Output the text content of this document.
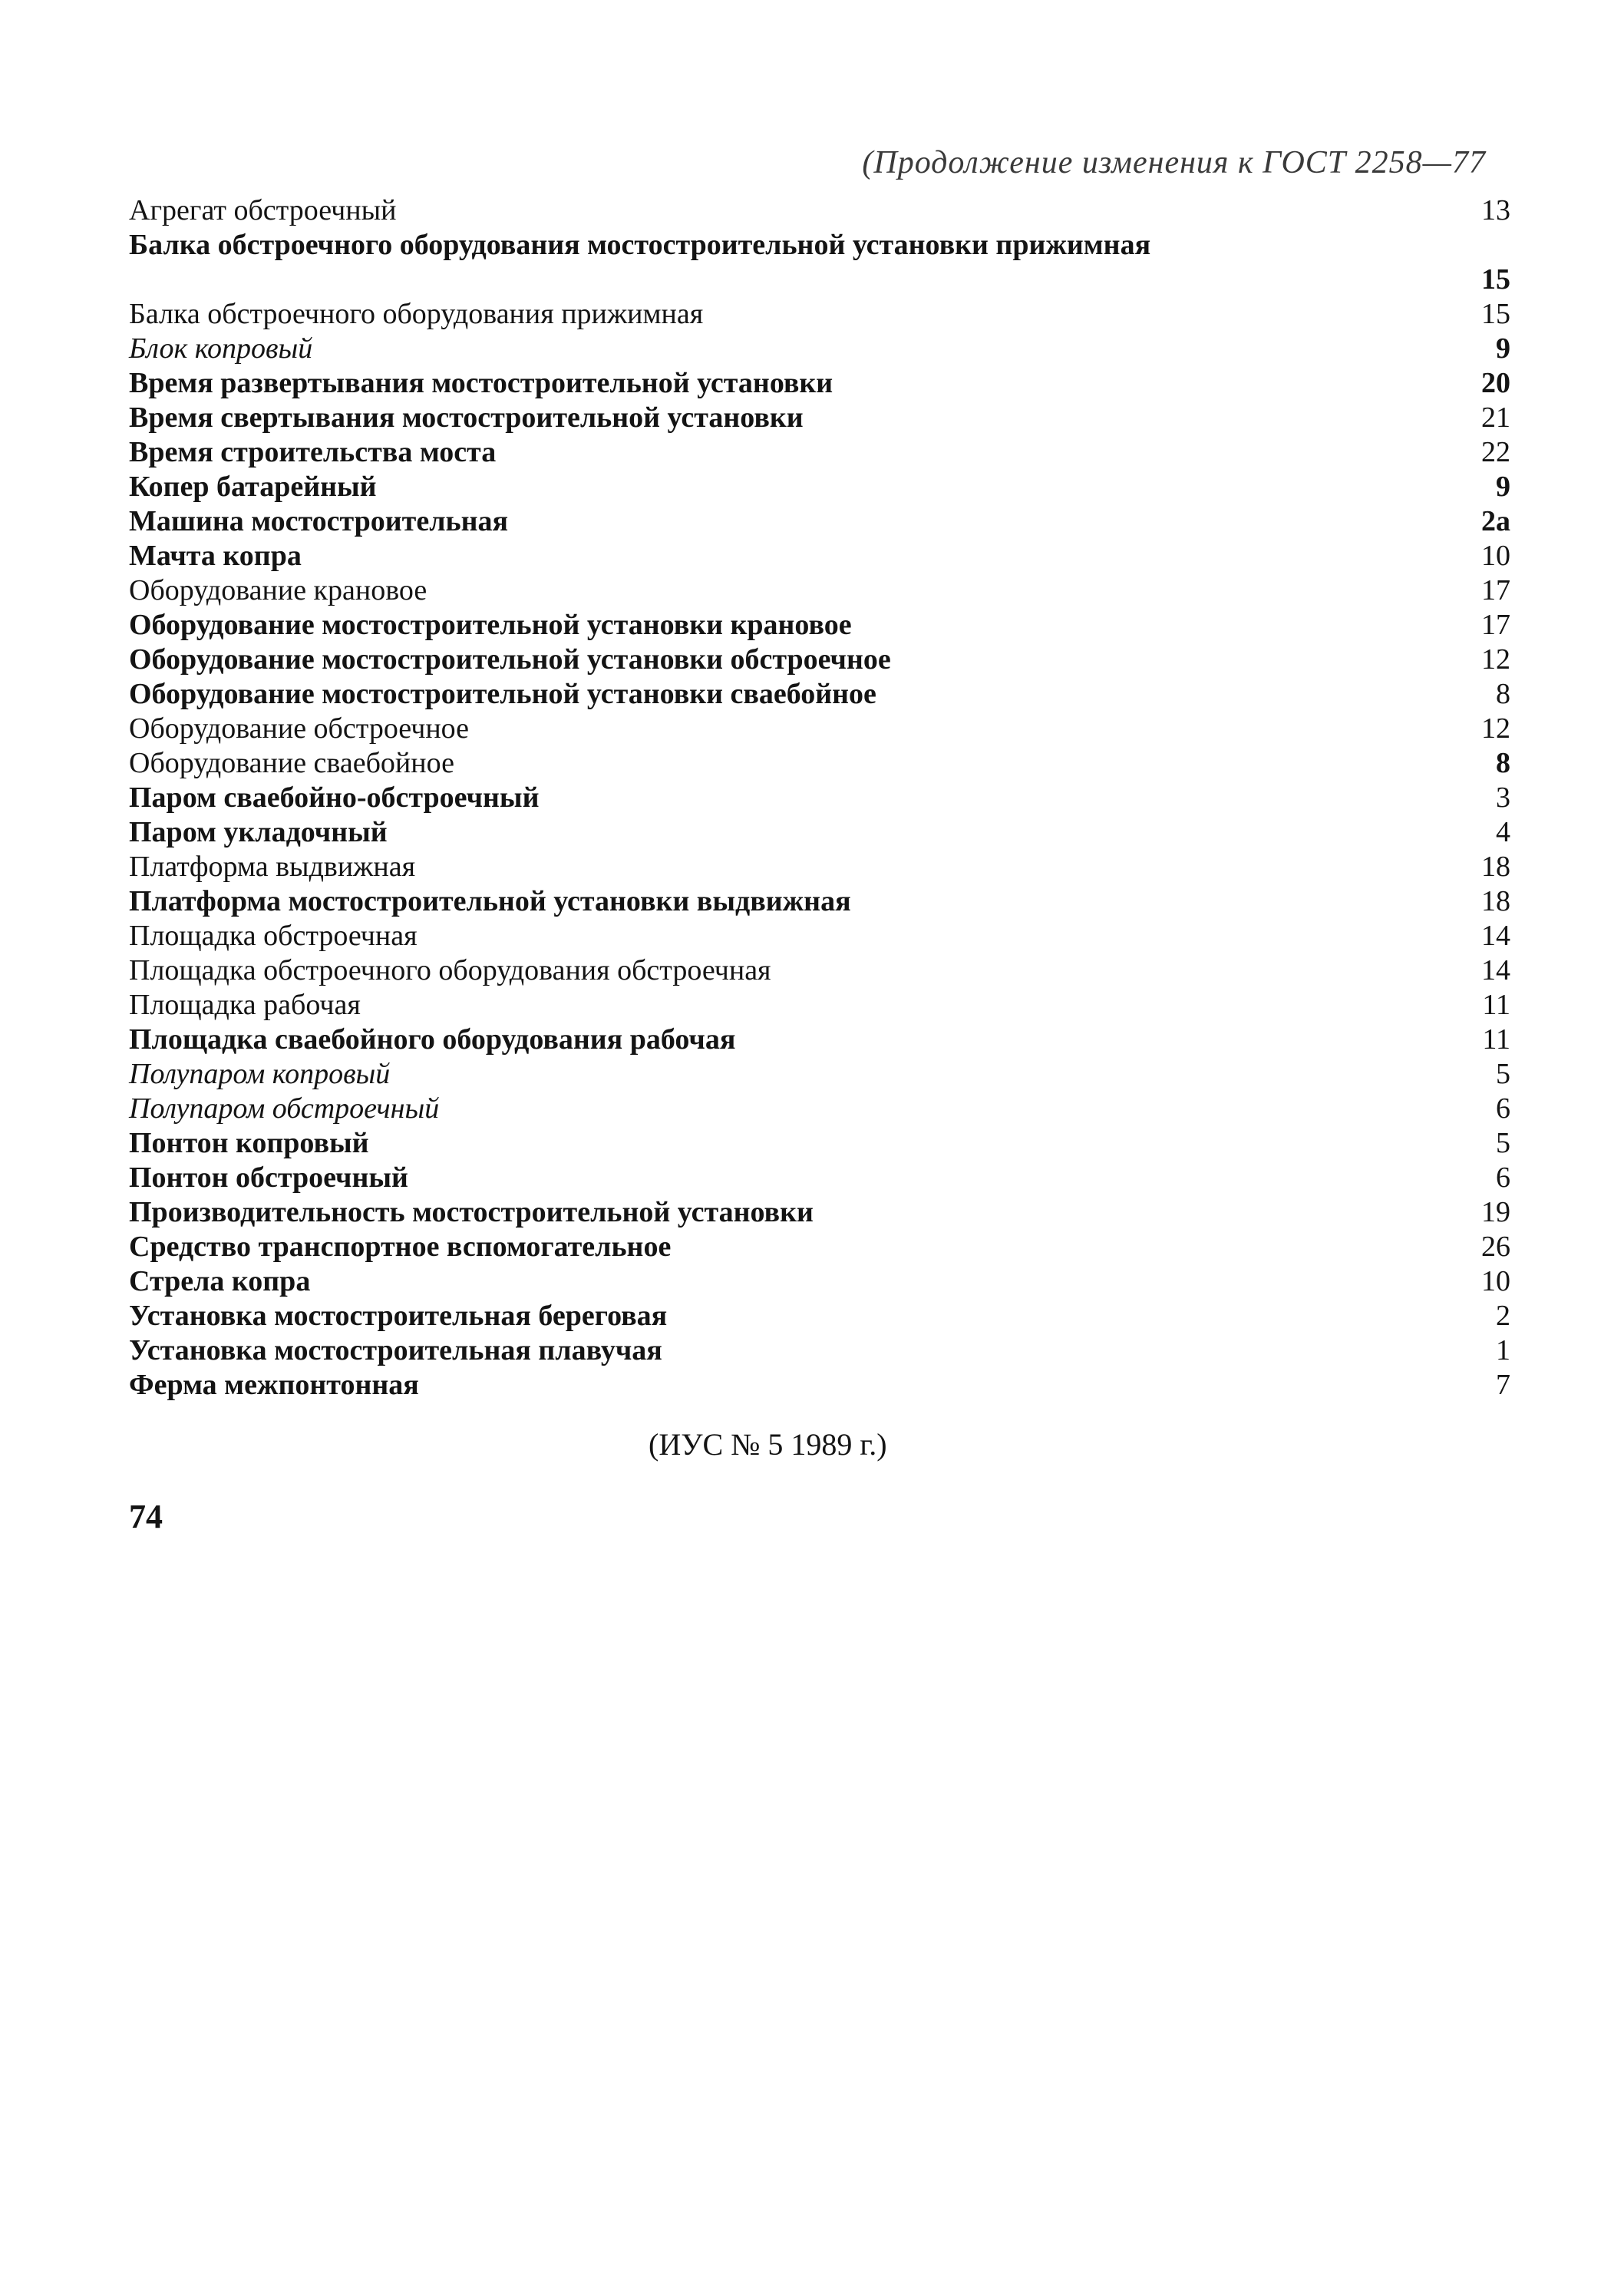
(Продолжение изменения к ГОСТ 2258—77
Агрегат обстроечный	13
Балка обстроечного оборудования мостостроительной установки прижимная
15
Балка обстроечного оборудования прижимная	15
Блок копровый	9
Время развертывания мостостроительной установки	20
Время свертывания мостостроительной установки	21
Время строительства моста	22
Копер батарейный	9
Машина мостостроительная	2а
Мачта копра	10
Оборудование крановое	17
Оборудование мостостроительной установки крановое	17
Оборудование мостостроительной установки обстроечное	12
Оборудование мостостроительной установки сваебойное	8
Оборудование обстроечное	12
Оборудование сваебойное	8
Паром сваебойно-обстроечный	3
Паром укладочный	4
Платформа выдвижная	18
Платформа мостостроительной установки выдвижная	18
Площадка обстроечная	14
Площадка обстроечного оборудования обстроечная	14
Площадка рабочая	11
Площадка сваебойного оборудования рабочая	11
Полупаром копровый	5
Полупаром обстроечный	6
Понтон копровый	5
Понтон обстроечный	6
Производительность мостостроительной установки	19
Средство транспортное вспомогательное	26
Стрела копра	10
Установка мостостроительная береговая	2
Установка мостостроительная плавучая	1
Ферма межпонтонная	7
(ИУС № 5 1989 г.)
74
